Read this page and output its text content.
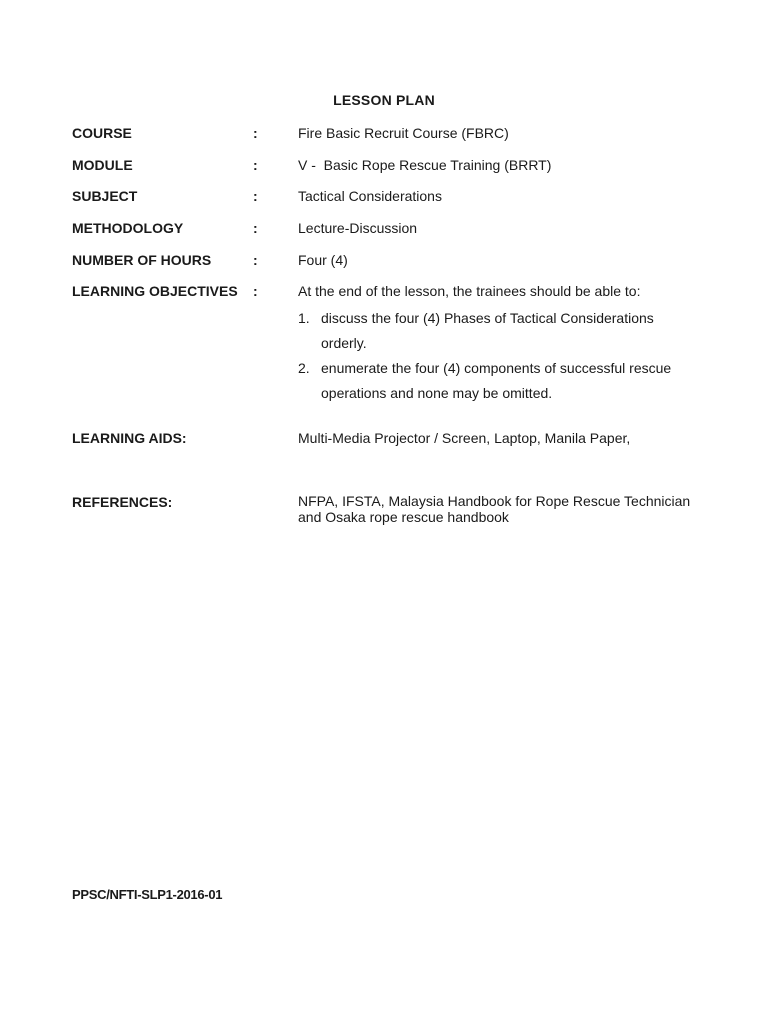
LESSON PLAN
COURSE	:	Fire Basic Recruit Course (FBRC)
MODULE	:	V -  Basic Rope Rescue Training (BRRT)
SUBJECT	:	Tactical Considerations
METHODOLOGY	:	Lecture-Discussion
NUMBER OF HOURS	:	Four (4)
LEARNING OBJECTIVES :	At the end of the lesson, the trainees should be able to:
1. discuss the four (4) Phases of Tactical Considerations orderly.
2. enumerate the four (4) components of successful rescue operations and none may be omitted.
LEARNING AIDS:	Multi-Media Projector / Screen, Laptop, Manila Paper,
REFERENCES:	NFPA, IFSTA, Malaysia Handbook for Rope Rescue Technician and Osaka rope rescue handbook
PPSC/NFTI-SLP1-2016-01
